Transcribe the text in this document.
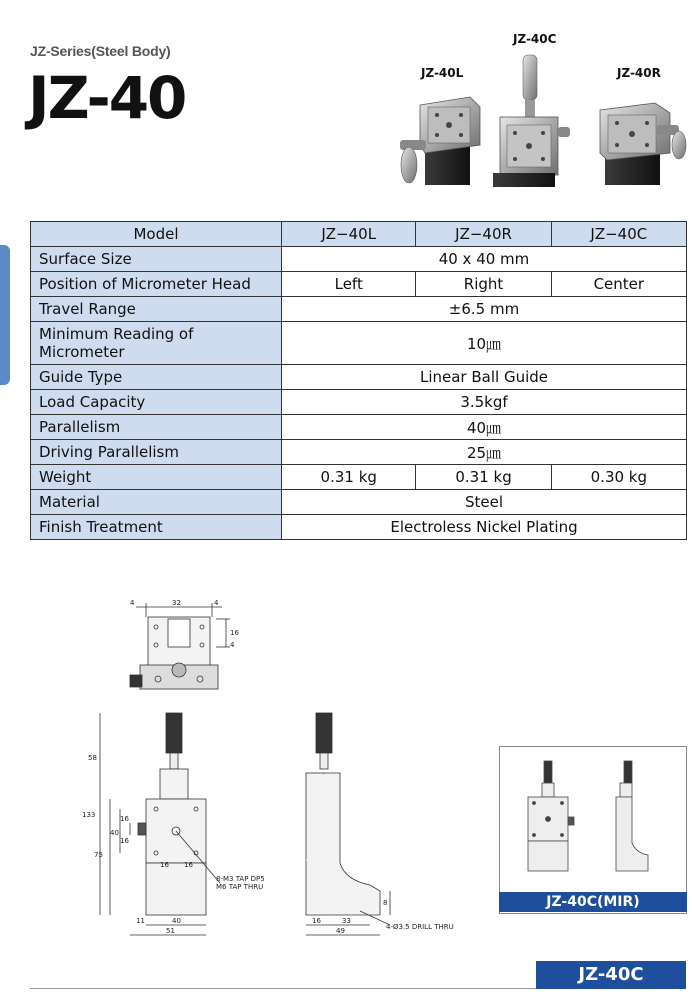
JZ-Series(Steel Body)
JZ-40
JZ-40C
JZ-40L	JZ-40R
Model	JZ−40L	JZ−40R	JZ−40C
Surface Size	40 x 40 mm		
Position of Micrometer Head	Left	Right	Center
Travel Range	±6.5 mm		
Minimum Reading of Micrometer	10㎛		
Guide Type	Linear Ball Guide		
Load Capacity	3.5kgf		
Parallelism	40㎛		
Driving Parallelism	25㎛		
Weight	0.31 kg	0.31 kg	0.30 kg
Material	Steel		
Finish Treatment	Electroless Nickel Plating		
4	32	4
16
4
58
133
75
40
16
16
16 16
11	40
51
8-M3 TAP DP5
M6 TAP THRU
16	33
49
8
4-Ø3.5 DRILL THRU
JZ-40C(MIR)
JZ-40C
